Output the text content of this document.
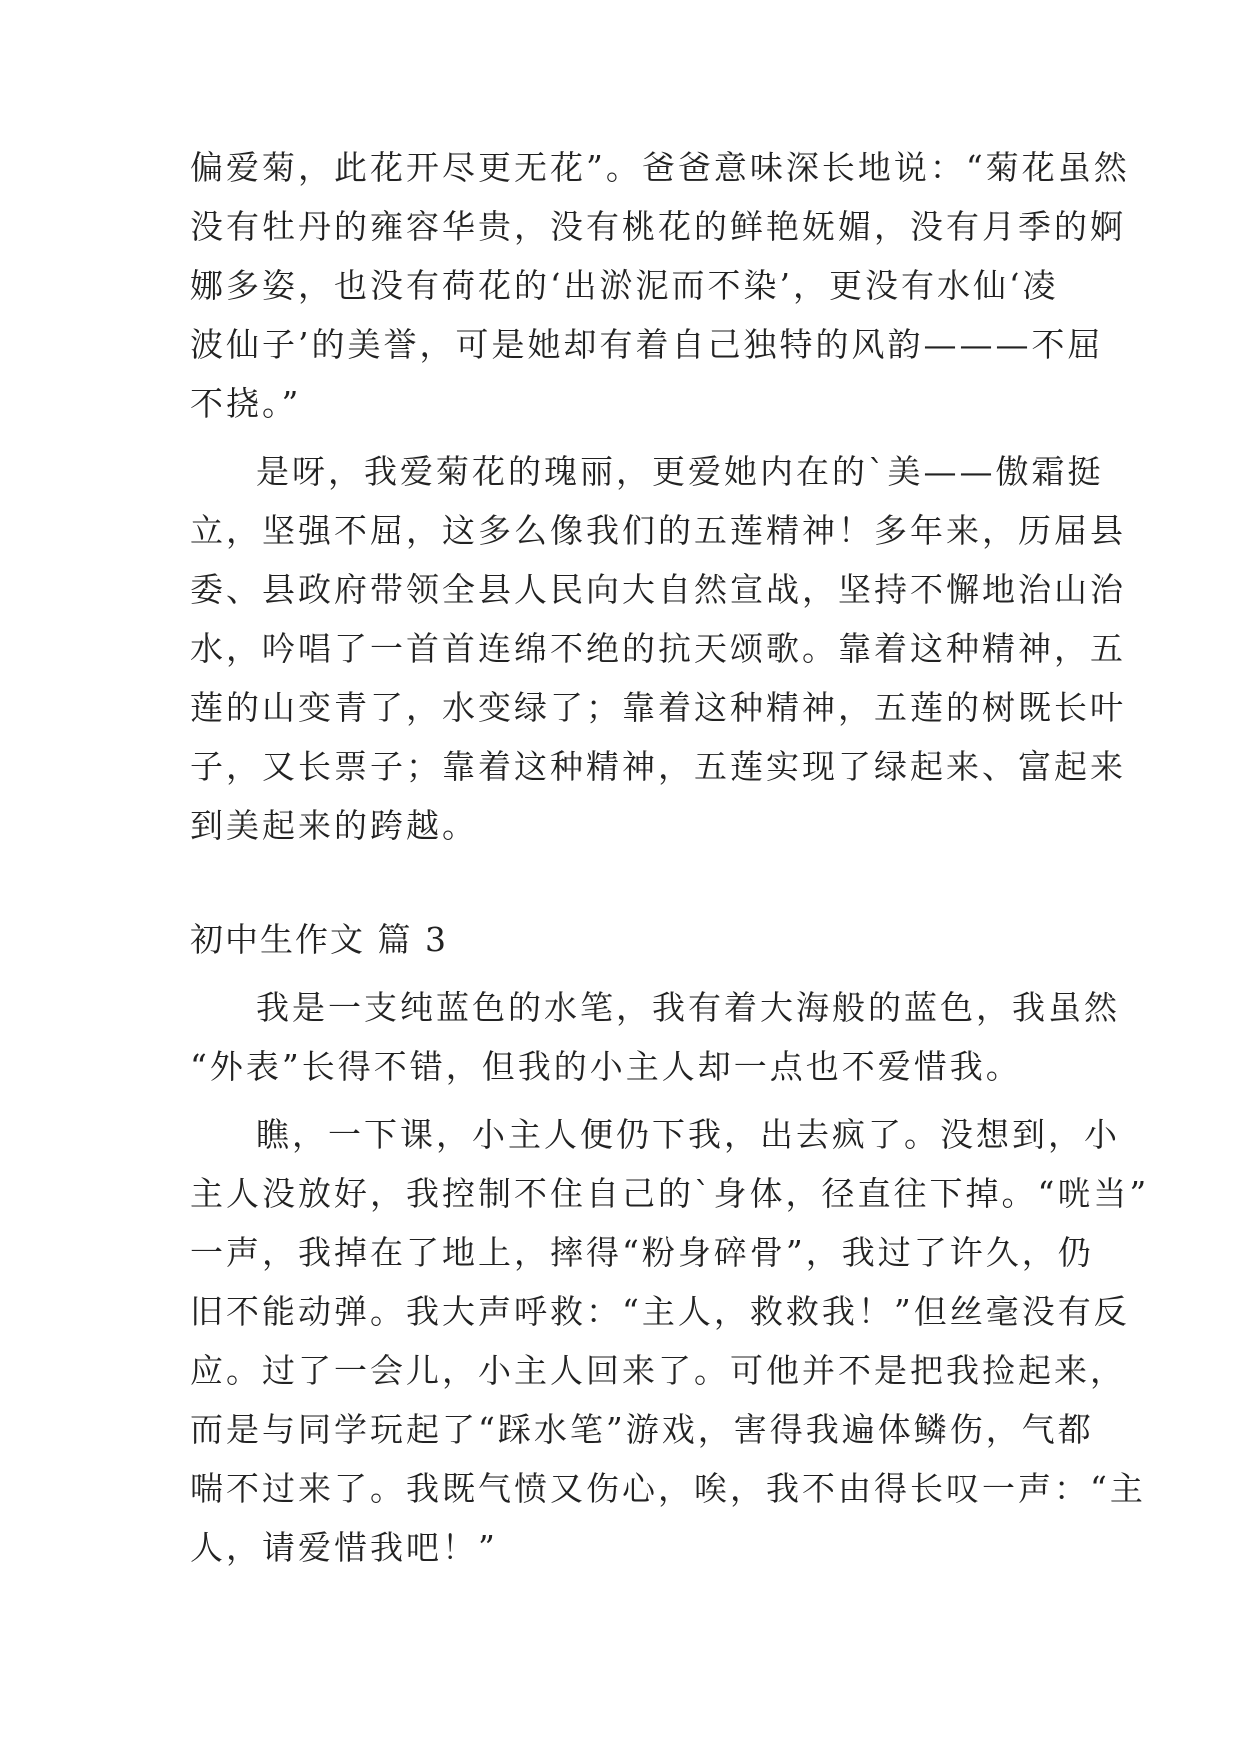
偏爱菊，此花开尽更无花”。爸爸意味深长地说：“菊花虽然
没有牡丹的雍容华贵，没有桃花的鲜艳妩媚，没有月季的婀
娜多姿，也没有荷花的‘出淤泥而不染’，更没有水仙‘凌
波仙子’的美誉，可是她却有着自己独特的风韵———不屈
不挠。”
是呀，我爱菊花的瑰丽，更爱她内在的`美——傲霜挺
立，坚强不屈，这多么像我们的五莲精神！多年来，历届县
委、县政府带领全县人民向大自然宣战，坚持不懈地治山治
水，吟唱了一首首连绵不绝的抗天颂歌。靠着这种精神，五
莲的山变青了，水变绿了；靠着这种精神，五莲的树既长叶
子，又长票子；靠着这种精神，五莲实现了绿起来、富起来
到美起来的跨越。
初中生作文 篇 3
我是一支纯蓝色的水笔，我有着大海般的蓝色，我虽然
“外表”长得不错，但我的小主人却一点也不爱惜我。
瞧，一下课，小主人便仍下我，出去疯了。没想到，小
主人没放好，我控制不住自己的`身体，径直往下掉。“咣当”
一声，我掉在了地上，摔得“粉身碎骨”，我过了许久，仍
旧不能动弹。我大声呼救：“主人，救救我！”但丝毫没有反
应。过了一会儿，小主人回来了。可他并不是把我捡起来，
而是与同学玩起了“踩水笔”游戏，害得我遍体鳞伤，气都
喘不过来了。我既气愤又伤心，唉，我不由得长叹一声：“主
人，请爱惜我吧！”
